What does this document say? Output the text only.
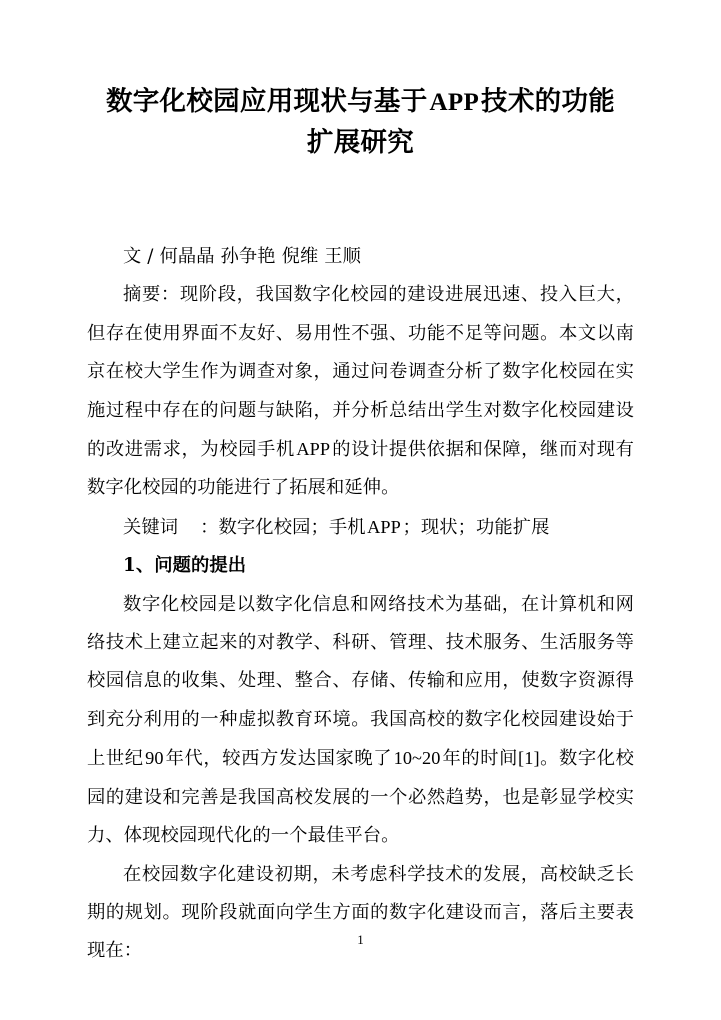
数字化校园应用现状与基于APP技术的功能
扩展研究

文 / 何晶晶 孙争艳 倪维 王顺

摘要：现阶段，我国数字化校园的建设进展迅速、投入巨大，但存在使用界面不友好、易用性不强、功能不足等问题。本文以南京在校大学生作为调查对象，通过问卷调查分析了数字化校园在实施过程中存在的问题与缺陷，并分析总结出学生对数字化校园建设的改进需求，为校园手机APP的设计提供依据和保障，继而对现有数字化校园的功能进行了拓展和延伸。

关键词 ：数字化校园；手机APP；现状；功能扩展

1、问题的提出

数字化校园是以数字化信息和网络技术为基础，在计算机和网络技术上建立起来的对教学、科研、管理、技术服务、生活服务等校园信息的收集、处理、整合、存储、传输和应用，使数字资源得到充分利用的一种虚拟教育环境。我国高校的数字化校园建设始于上世纪90年代，较西方发达国家晚了10~20年的时间[1]。数字化校园的建设和完善是我国高校发展的一个必然趋势，也是彰显学校实力、体现校园现代化的一个最佳平台。

在校园数字化建设初期，未考虑科学技术的发展，高校缺乏长期的规划。现阶段就面向学生方面的数字化建设而言，落后主要表现在：

1
